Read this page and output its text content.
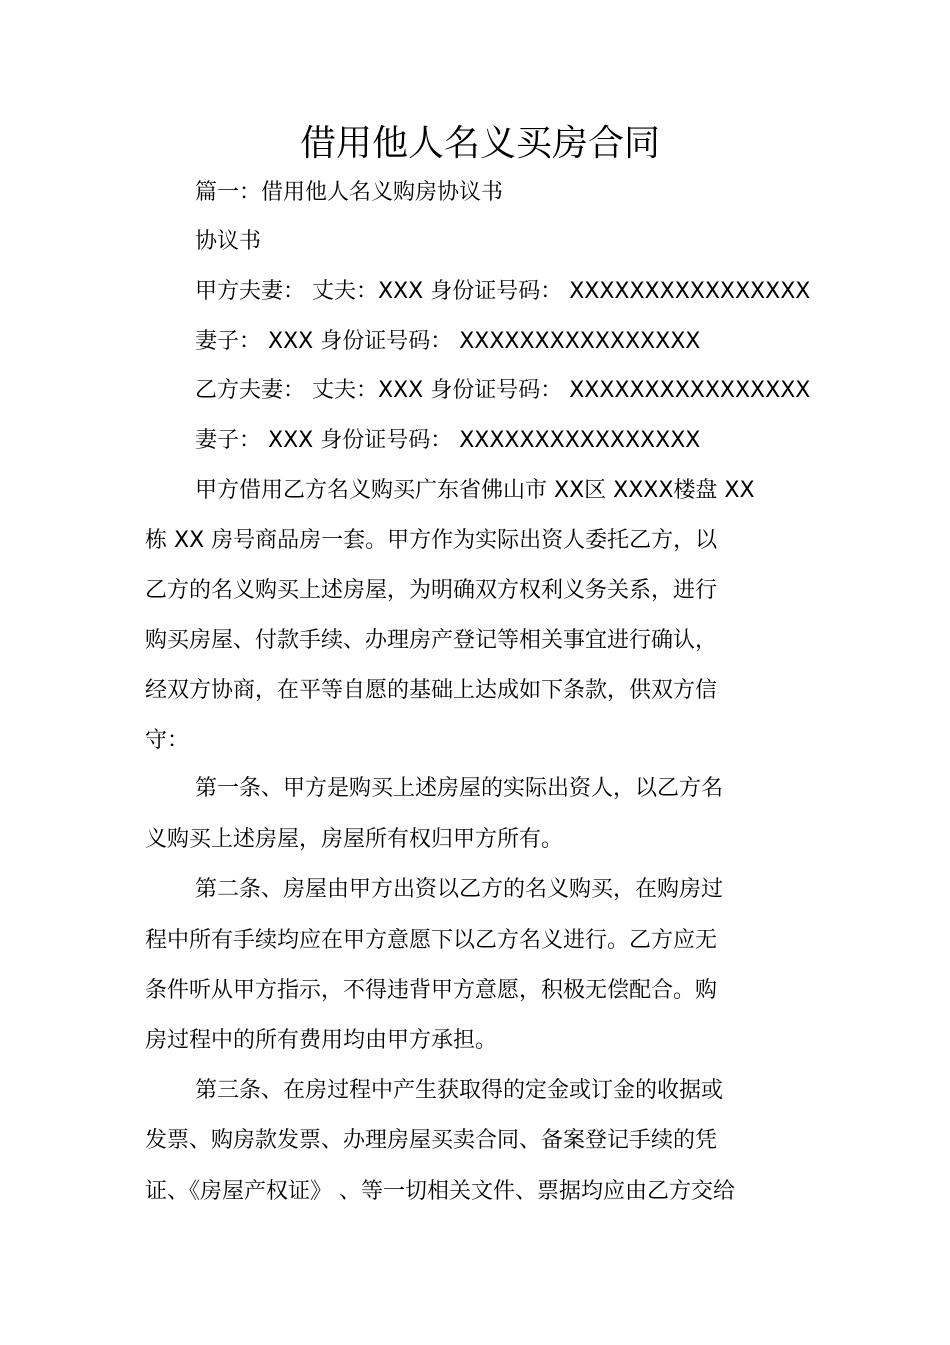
借用他人名义买房合同
篇一：借用他人名义购房协议书
协议书
甲方夫妻： 丈夫：XXX 身份证号码： XXXXXXXXXXXXXXXX
妻子： XXX 身份证号码： XXXXXXXXXXXXXXXX
乙方夫妻： 丈夫：XXX 身份证号码： XXXXXXXXXXXXXXXX
妻子： XXX 身份证号码： XXXXXXXXXXXXXXXX
甲方借用乙方名义购买广东省佛山市 XX区 XXXX楼盘 XX
栋 XX 房号商品房一套。甲方作为实际出资人委托乙方，以
乙方的名义购买上述房屋，为明确双方权利义务关系，进行
购买房屋、付款手续、办理房产登记等相关事宜进行确认，
经双方协商，在平等自愿的基础上达成如下条款，供双方信
守：
第一条、甲方是购买上述房屋的实际出资人，以乙方名
义购买上述房屋，房屋所有权归甲方所有。
第二条、房屋由甲方出资以乙方的名义购买，在购房过
程中所有手续均应在甲方意愿下以乙方名义进行。乙方应无
条件听从甲方指示，不得违背甲方意愿，积极无偿配合。购
房过程中的所有费用均由甲方承担。
第三条、在房过程中产生获取得的定金或订金的收据或
发票、购房款发票、办理房屋买卖合同、备案登记手续的凭
证、《房屋产权证》 、等一切相关文件、票据均应由乙方交给
